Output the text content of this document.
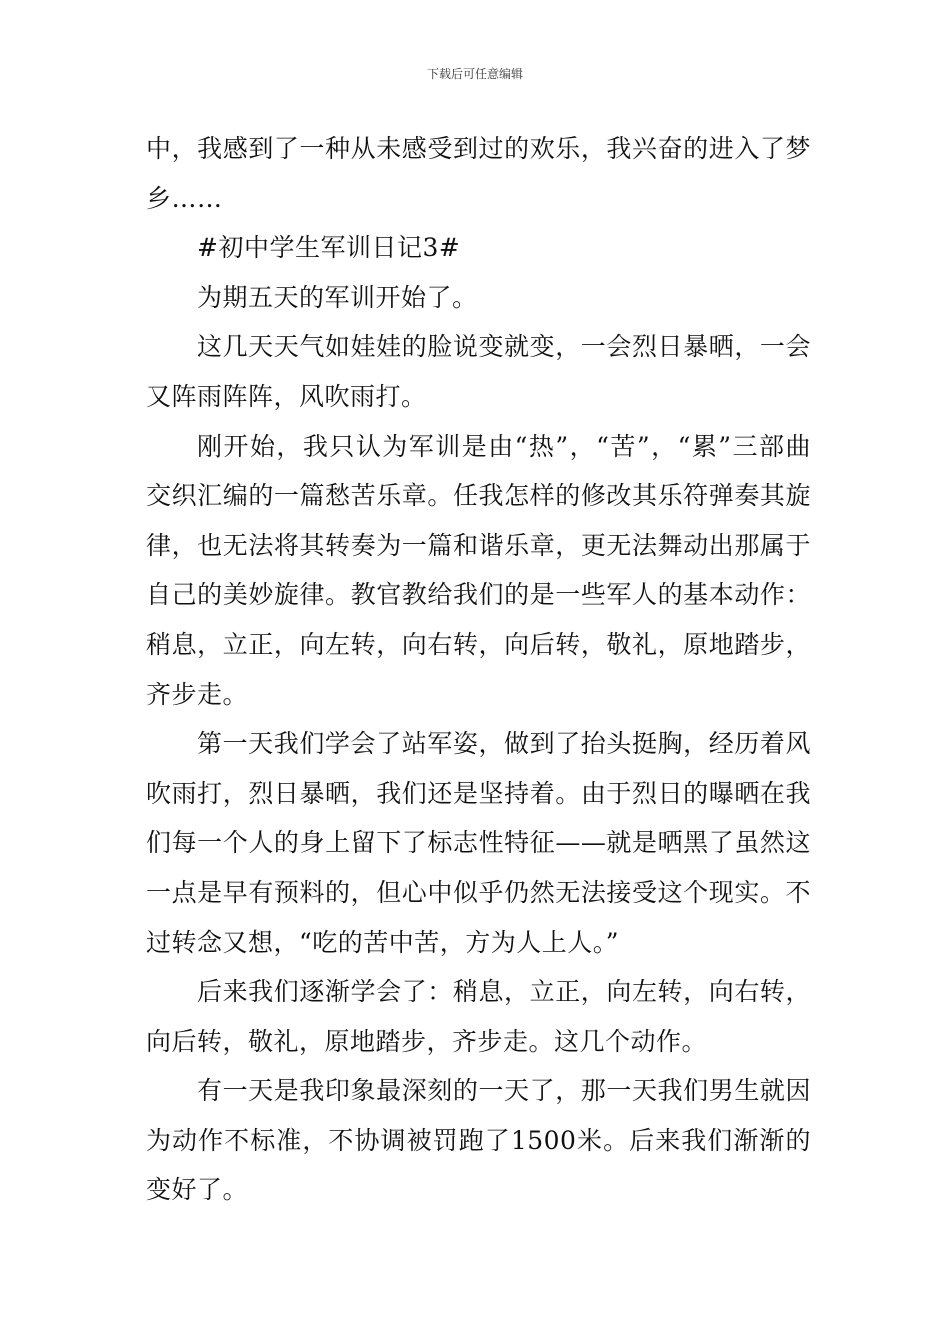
下载后可任意编辑

中，我感到了一种从未感受到过的欢乐，我兴奋的进入了梦乡……

#初中学生军训日记3#

为期五天的军训开始了。

这几天天气如娃娃的脸说变就变，一会烈日暴晒，一会又阵雨阵阵，风吹雨打。

刚开始，我只认为军训是由“热”，“苦”，“累”三部曲交织汇编的一篇愁苦乐章。任我怎样的修改其乐符弹奏其旋律，也无法将其转奏为一篇和谐乐章，更无法舞动出那属于自己的美妙旋律。教官教给我们的是一些军人的基本动作：稍息，立正，向左转，向右转，向后转，敬礼，原地踏步，齐步走。

第一天我们学会了站军姿，做到了抬头挺胸，经历着风吹雨打，烈日暴晒，我们还是坚持着。由于烈日的曝晒在我们每一个人的身上留下了标志性特征——就是晒黑了虽然这一点是早有预料的，但心中似乎仍然无法接受这个现实。不过转念又想，“吃的苦中苦，方为人上人。”

后来我们逐渐学会了：稍息，立正，向左转，向右转，向后转，敬礼，原地踏步，齐步走。这几个动作。

有一天是我印象最深刻的一天了，那一天我们男生就因为动作不标准，不协调被罚跑了1500米。后来我们渐渐的变好了。
